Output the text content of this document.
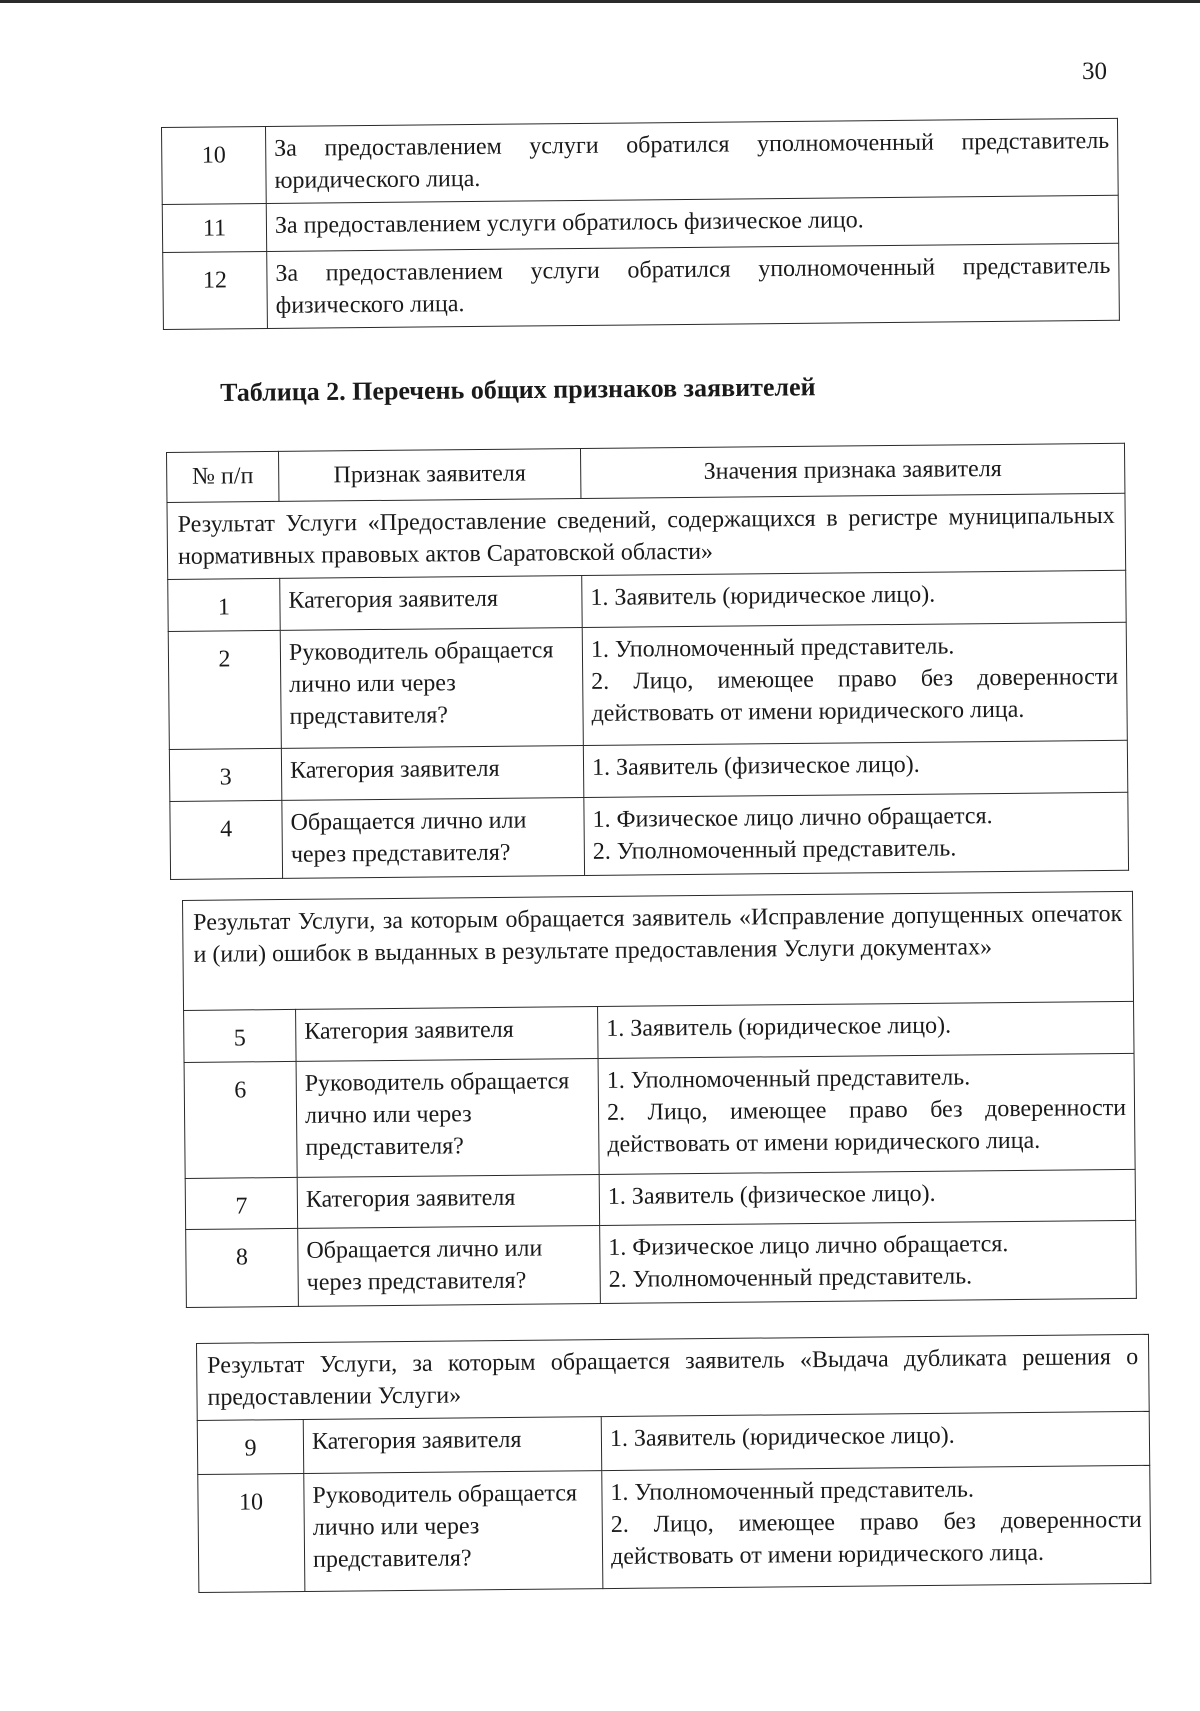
30
10	За предоставлением услуги обратился уполномоченный представитель юридического лица.
11	За предоставлением услуги обратилось физическое лицо.
12	За предоставлением услуги обратился уполномоченный представитель физического лица.
Таблица 2. Перечень общих признаков заявителей
№ п/п	Признак заявителя	Значения признака заявителя
Результат Услуги «Предоставление сведений, содержащихся в регистре муниципальных нормативных правовых актов Саратовской области»		
1	Категория заявителя	1. Заявитель (юридическое лицо).

2	Руководитель обращается лично или через представителя?	1. Уполномоченный представитель.
2. Лицо, имеющее право без доверенности действовать от имени юридического лица.

3	Категория заявителя	1. Заявитель (физическое лицо).

4	Обращается лично или через представителя?	1. Физическое лицо лично обращается.
2. Уполномоченный представитель.
Результат Услуги, за которым обращается заявитель «Исправление допущенных опечаток и (или) ошибок в выданных в результате предоставления Услуги документах»		
5	Категория заявителя	1. Заявитель (юридическое лицо).

6	Руководитель обращается лично или через представителя?	1. Уполномоченный представитель.
2. Лицо, имеющее право без доверенности действовать от имени юридического лица.

7	Категория заявителя	1. Заявитель (физическое лицо).

8	Обращается лично или через представителя?	1. Физическое лицо лично обращается.
2. Уполномоченный представитель.
Результат Услуги, за которым обращается заявитель «Выдача дубликата решения о предоставлении Услуги»		
9	Категория заявителя	1. Заявитель (юридическое лицо).

10	Руководитель обращается лично или через представителя?	1. Уполномоченный представитель.
2. Лицо, имеющее право без доверенности действовать от имени юридического лица.
